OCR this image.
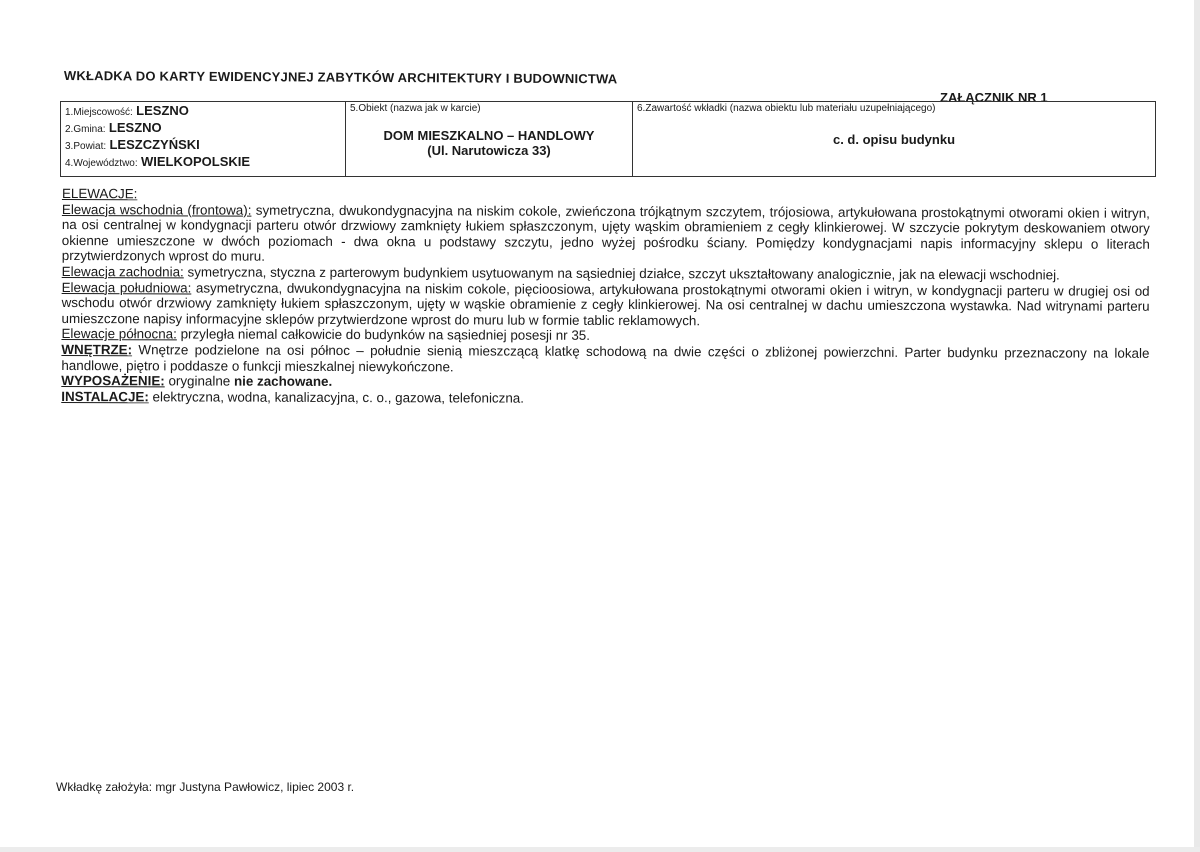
WKŁADKA DO KARTY EWIDENCYJNEJ ZABYTKÓW ARCHITEKTURY I BUDOWNICTWA
ZAŁĄCZNIK NR 1
1.Miejscowość: LESZNO
2.Gmina: LESZNO
3.Powiat: LESZCZYŃSKI
4.Województwo: WIELKOPOLSKIE

5.Obiekt (nazwa jak w karcie)
DOM MIESZKALNO – HANDLOWY
(Ul. Narutowicza 33)

6.Zawartość wkładki (nazwa obiektu lub materiału uzupełniającego)
c. d. opisu budynku

ELEWACJE:

Elewacja wschodnia (frontowa): symetryczna, dwukondygnacyjna na niskim cokole, zwieńczona trójkątnym szczytem, trójosiowa, artykułowana prostokątnymi otworami okien i witryn, na osi centralnej w kondygnacji parteru otwór drzwiowy zamknięty łukiem spłaszczonym, ujęty wąskim obramieniem z cegły klinkierowej. W szczycie pokrytym deskowaniem otwory okienne umieszczone w dwóch poziomach - dwa okna u podstawy szczytu, jedno wyżej pośrodku ściany. Pomiędzy kondygnacjami napis informacyjny sklepu o literach przytwierdzonych wprost do muru.

Elewacja zachodnia: symetryczna, styczna z parterowym budynkiem usytuowanym na sąsiedniej działce, szczyt ukształtowany analogicznie, jak na elewacji wschodniej.

Elewacja południowa: asymetryczna, dwukondygnacyjna na niskim cokole, pięcioosiowa, artykułowana prostokątnymi otworami okien i witryn, w kondygnacji parteru w drugiej osi od wschodu otwór drzwiowy zamknięty łukiem spłaszczonym, ujęty w wąskie obramienie z cegły klinkierowej. Na osi centralnej w dachu umieszczona wystawka. Nad witrynami parteru umieszczone napisy informacyjne sklepów przytwierdzone wprost do muru lub w formie tablic reklamowych.

Elewacje północna: przyległa niemal całkowicie do budynków na sąsiedniej posesji nr 35.

WNĘTRZE: Wnętrze podzielone na osi północ – południe sienią mieszczącą klatkę schodową na dwie części o zbliżonej powierzchni. Parter budynku przeznaczony na lokale handlowe, piętro i poddasze o funkcji mieszkalnej niewykończone.

WYPOSAŻENIE: oryginalne nie zachowane.

INSTALACJE: elektryczna, wodna, kanalizacyjna, c. o., gazowa, telefoniczna.

Wkładkę założyła: mgr Justyna Pawłowicz, lipiec 2003 r.
